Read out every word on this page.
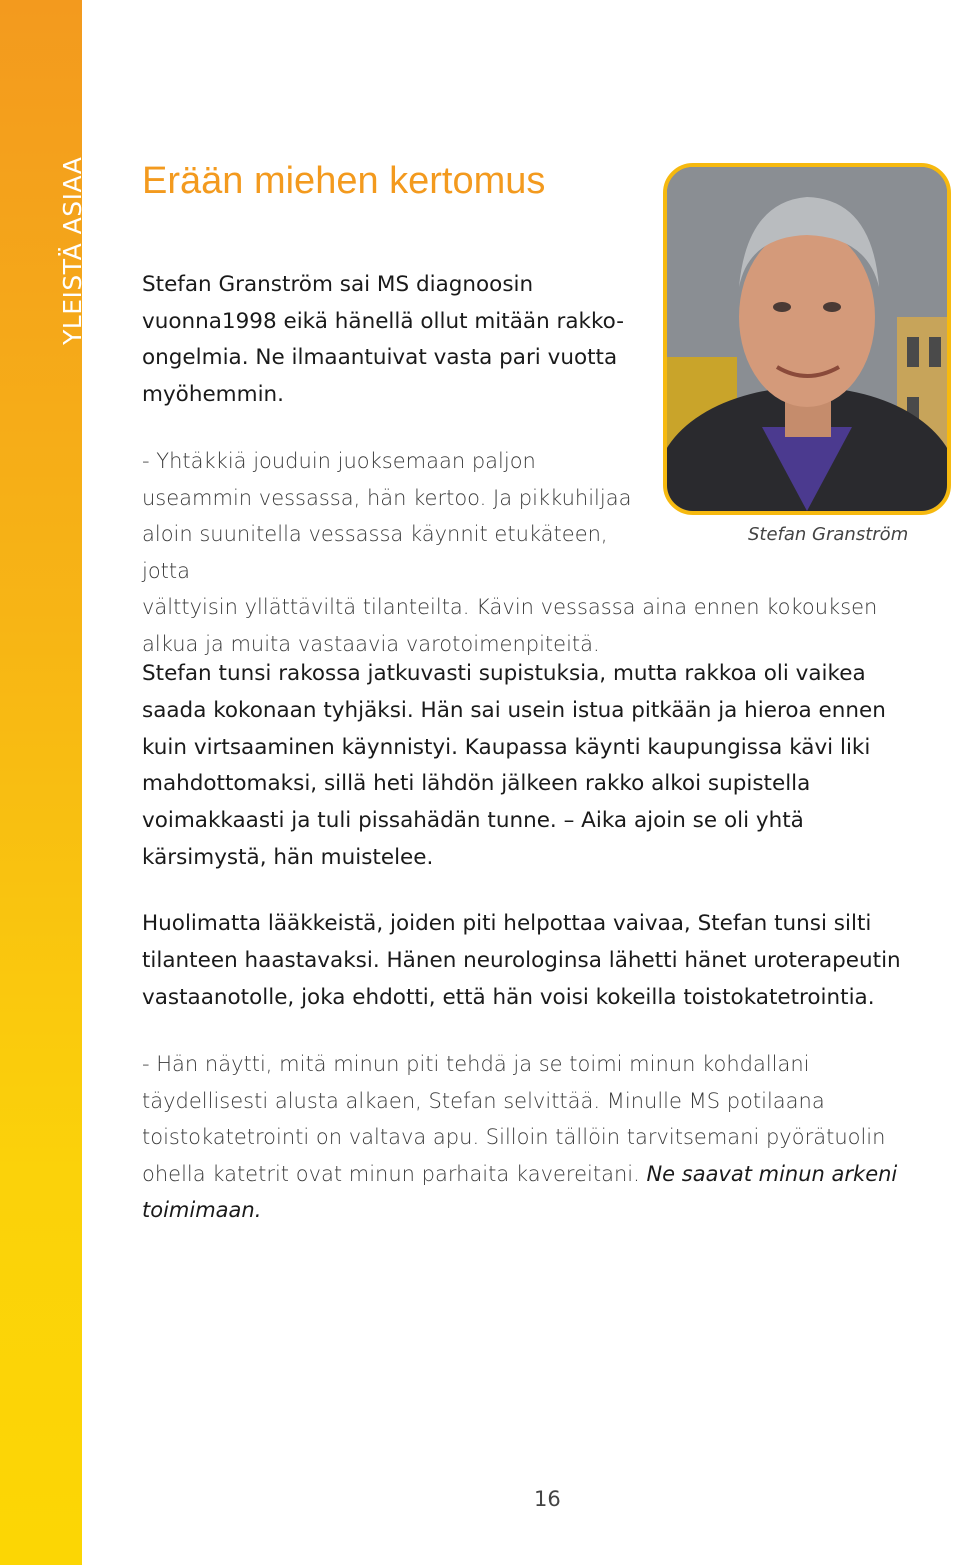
YLEISTÄ ASIAA Erään miehen kertomus

Stefan Granström sai MS diagnoosin vuonna1998 eikä hänellä ollut mitään rakko-ongelmia. Ne ilmaantuivat vasta pari vuotta myöhemmin.

Stefan Granström

- Yhtäkkiä jouduin juoksemaan paljon useammin vessassa, hän kertoo. Ja pikkuhiljaa aloin suunitella vessassa käynnit etukäteen, jotta
välttyisin yllättäviltä tilanteilta. Kävin vessassa aina ennen kokouksen alkua ja muita vastaavia varotoimenpiteitä.

Stefan tunsi rakossa jatkuvasti supistuksia, mutta rakkoa oli vaikea saada kokonaan tyhjäksi. Hän sai usein istua pitkään ja hieroa ennen kuin virtsaaminen käynnistyi. Kaupassa käynti kaupungissa kävi liki mahdottomaksi, sillä heti lähdön jälkeen rakko alkoi supistella voimakkaasti ja tuli pissahädän tunne. – Aika ajoin se oli yhtä kärsimystä, hän muistelee.

Huolimatta lääkkeistä, joiden piti helpottaa vaivaa, Stefan tunsi silti tilanteen haastavaksi. Hänen neurologinsa lähetti hänet uroterapeutin vastaanotolle, joka ehdotti, että hän voisi kokeilla toistokatetrointia.

- Hän näytti, mitä minun piti tehdä ja se toimi minun kohdallani täydellisesti alusta alkaen, Stefan selvittää. Minulle MS potilaana toistokatetrointi on valtava apu. Silloin tällöin tarvitsemani pyörätuolin ohella katetrit ovat minun parhaita kavereitani. Ne saavat minun arkeni toimimaan.

16
